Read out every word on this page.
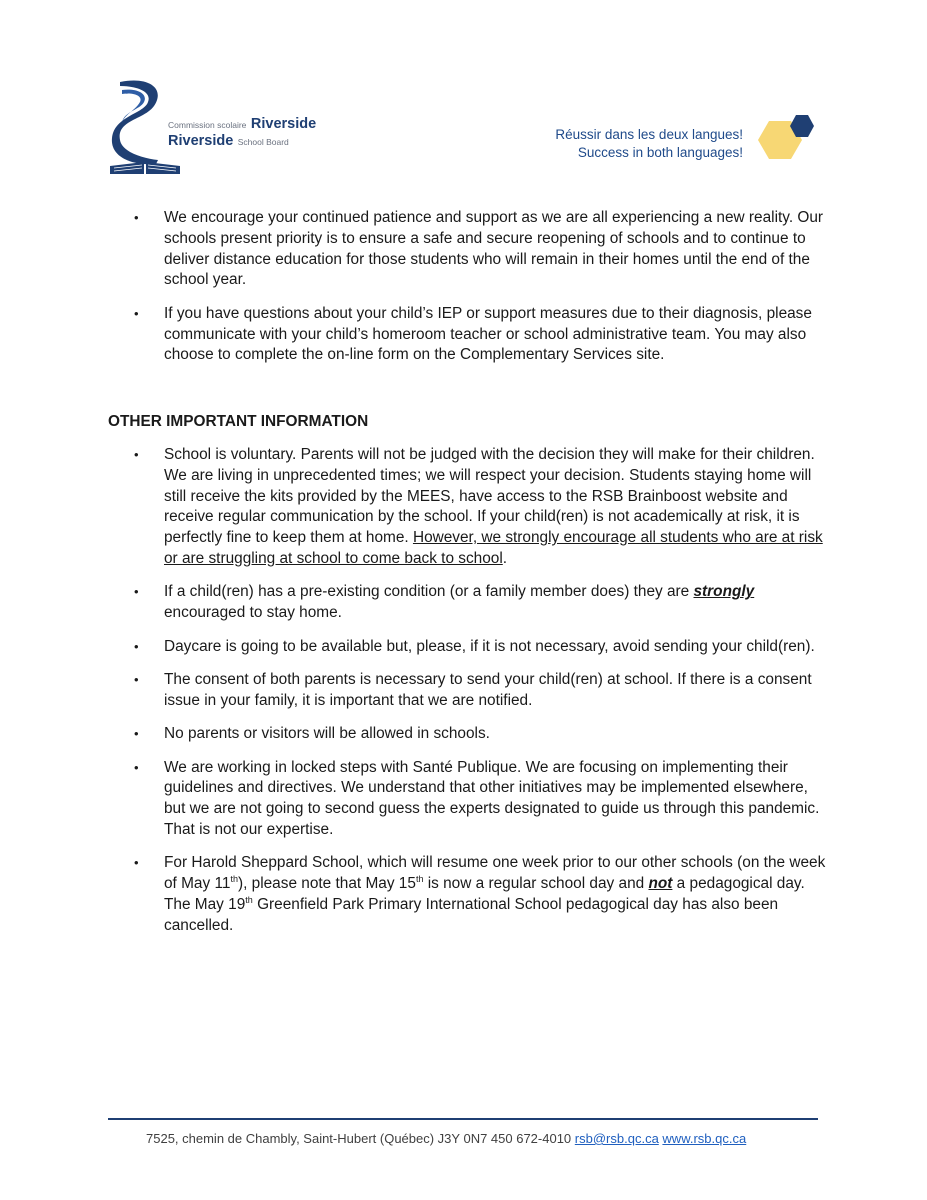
Commission scolaire Riverside
Riverside School Board	Réussir dans les deux langues!
Success in both languages!
• We encourage your continued patience and support as we are all experiencing a new reality. Our schools present priority is to ensure a safe and secure reopening of schools and to continue to deliver distance education for those students who will remain in their homes until the end of the school year.
• If you have questions about your child’s IEP or support measures due to their diagnosis, please communicate with your child’s homeroom teacher or school administrative team. You may also choose to complete the on-line form on the Complementary Services site.
OTHER IMPORTANT INFORMATION
• School is voluntary. Parents will not be judged with the decision they will make for their children. We are living in unprecedented times; we will respect your decision. Students staying home will still receive the kits provided by the MEES, have access to the RSB Brainboost website and receive regular communication by the school. If your child(ren) is not academically at risk, it is perfectly fine to keep them at home. However, we strongly encourage all students who are at risk or are struggling at school to come back to school.
• If a child(ren) has a pre-existing condition (or a family member does) they are strongly encouraged to stay home.
• Daycare is going to be available but, please, if it is not necessary, avoid sending your child(ren).
• The consent of both parents is necessary to send your child(ren) at school. If there is a consent issue in your family, it is important that we are notified.
• No parents or visitors will be allowed in schools.
• We are working in locked steps with Santé Publique. We are focusing on implementing their guidelines and directives. We understand that other initiatives may be implemented elsewhere, but we are not going to second guess the experts designated to guide us through this pandemic. That is not our expertise.
• For Harold Sheppard School, which will resume one week prior to our other schools (on the week of May 11th), please note that May 15th is now a regular school day and not a pedagogical day. The May 19th Greenfield Park Primary International School pedagogical day has also been cancelled.
7525, chemin de Chambly, Saint-Hubert (Québec) J3Y 0N7 450 672-4010 rsb@rsb.qc.ca www.rsb.qc.ca
